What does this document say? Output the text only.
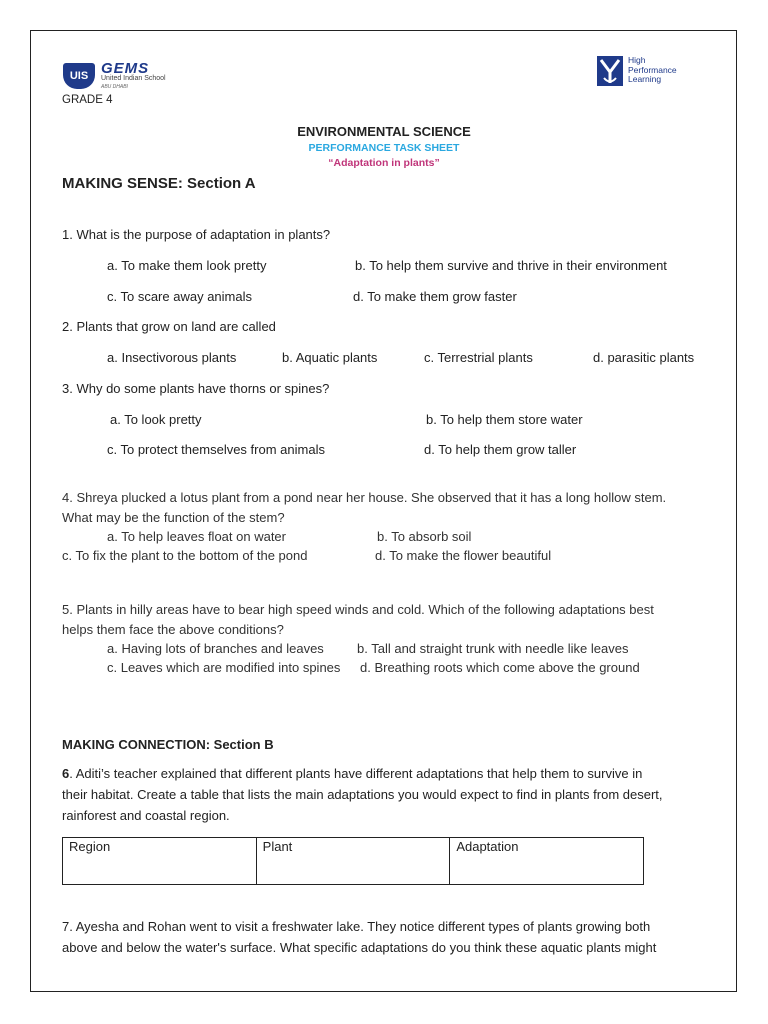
UIS GEMS
United Indian School
ABU DHABI
High
Performance
Learning
GRADE 4
ENVIRONMENTAL SCIENCE
PERFORMANCE TASK SHEET
“Adaptation in plants”
MAKING SENSE: Section A
1. What is the purpose of adaptation in plants?
a. To make them look pretty	b. To help them survive and thrive in their environment
c. To scare away animals	d. To make them grow faster
2. Plants that grow on land are called
a. Insectivorous plants	b. Aquatic plants	c. Terrestrial plants	d. parasitic plants
3. Why do some plants have thorns or spines?
a. To look pretty	b. To help them store water
c. To protect themselves from animals	d. To help them grow taller
4. Shreya plucked a lotus plant from a pond near her house. She observed that it has a long hollow stem.
What may be the function of the stem?
a. To help leaves float on water	b. To absorb soil
c. To fix the plant to the bottom of the pond	d. To make the flower beautiful
5. Plants in hilly areas have to bear high speed winds and cold. Which of the following adaptations best
helps them face the above conditions?
a. Having lots of branches and leaves	b. Tall and straight trunk with needle like leaves
c. Leaves which are modified into spines d. Breathing roots which come above the ground
MAKING CONNECTION: Section B
6. Aditi’s teacher explained that different plants have different adaptations that help them to survive in
their habitat. Create a table that lists the main adaptations you would expect to find in plants from desert,
rainforest and coastal region.
Region	Plant	Adaptation
7. Ayesha and Rohan went to visit a freshwater lake. They notice different types of plants growing both
above and below the water's surface. What specific adaptations do you think these aquatic plants might
